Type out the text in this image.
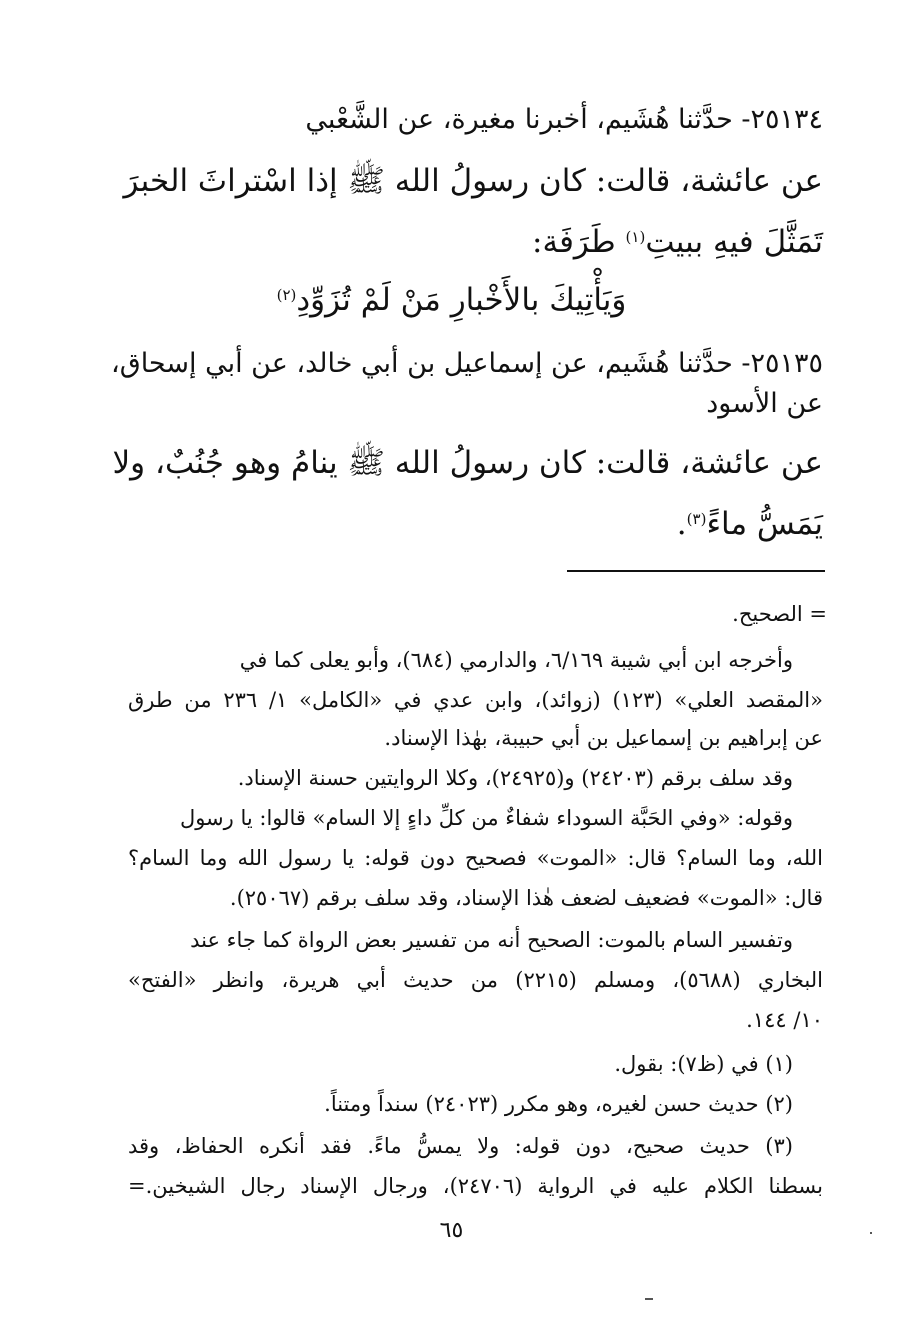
٢٥١٣٤- حدَّثنا هُشَيم، أخبرنا مغيرة، عن الشَّعْبي
عن عائشة، قالت: كان رسولُ الله ﷺ إذا اسْتراثَ الخبرَ
تَمَثَّلَ فيهِ ببيتِ$^{(١)}$ طَرَفَة:
وَيَأْتِيكَ بالأَخْبارِ مَنْ لَمْ تُزَوِّدِ$^{(٢)}$
٢٥١٣٥- حدَّثنا هُشَيم، عن إسماعيل بن أبي خالد، عن أبي إسحاق،
عن الأسود
عن عائشة، قالت: كان رسولُ الله ﷺ ينامُ وهو جُنُبٌ، ولا
يَمَسُّ ماءً$^{(٣)}$.
= الصحيح.
وأخرجه ابن أبي شيبة ٦/١٦٩، والدارمي (٦٨٤)، وأبو يعلى كما في
«المقصد العلي» (١٢٣) (زوائد)، وابن عدي في «الكامل» ١/ ٢٣٦ من طرق
عن إبراهيم بن إسماعيل بن أبي حبيبة، بهٰذا الإسناد.
وقد سلف برقم (٢٤٢٠٣) و(٢٤٩٢٥)، وكلا الروايتين حسنة الإسناد.
وقوله: «وفي الحَبَّة السوداء شفاءٌ من كلِّ داءٍ إلا السام» قالوا: يا رسول
الله، وما السام؟ قال: «الموت» فصحيح دون قوله: يا رسول الله وما السام؟
قال: «الموت» فضعيف لضعف هٰذا الإسناد، وقد سلف برقم (٢٥٠٦٧).
وتفسير السام بالموت: الصحيح أنه من تفسير بعض الرواة كما جاء عند
البخاري (٥٦٨٨)، ومسلم (٢٢١٥) من حديث أبي هريرة، وانظر «الفتح»
١٠/ ١٤٤.
(١) في (ظ٧): بقول.
(٢) حديث حسن لغيره، وهو مكرر (٢٤٠٢٣) سنداً ومتناً.
(٣) حديث صحيح، دون قوله: ولا يمسُّ ماءً. فقد أنكره الحفاظ، وقد
بسطنا الكلام عليه في الرواية (٢٤٧٠٦)، ورجال الإسناد رجال الشيخين.=
٦٥
